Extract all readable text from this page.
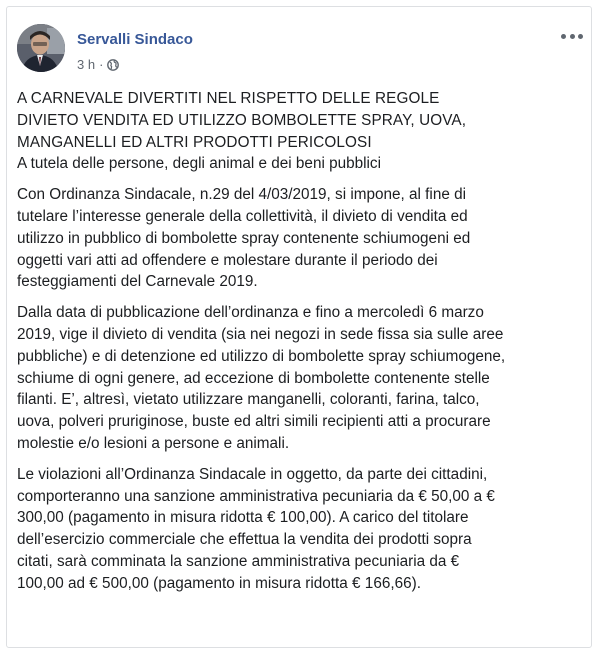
Servalli Sindaco
3 h ·

A CARNEVALE DIVERTITI NEL RISPETTO DELLE REGOLE
DIVIETO VENDITA ED UTILIZZO BOMBOLETTE SPRAY, UOVA,
MANGANELLI ED ALTRI PRODOTTI PERICOLOSI

A tutela delle persone, degli animal e dei beni pubblici

Con Ordinanza Sindacale, n.29 del 4/03/2019, si impone, al fine di
tutelare l’interesse generale della collettività, il divieto di vendita ed
utilizzo in pubblico di bombolette spray contenente schiumogeni ed
oggetti vari atti ad offendere e molestare durante il periodo dei
festeggiamenti del Carnevale 2019.

Dalla data di pubblicazione dell’ordinanza e fino a mercoledì 6 marzo
2019, vige il divieto di vendita (sia nei negozi in sede fissa sia sulle aree
pubbliche) e di detenzione ed utilizzo di bombolette spray schiumogene,
schiume di ogni genere, ad eccezione di bombolette contenente stelle
filanti. E’, altresì, vietato utilizzare manganelli, coloranti, farina, talco,
uova, polveri pruriginose, buste ed altri simili recipienti atti a procurare
molestie e/o lesioni a persone e animali.

Le violazioni all’Ordinanza Sindacale in oggetto, da parte dei cittadini,
comporteranno una sanzione amministrativa pecuniaria da € 50,00 a €
300,00 (pagamento in misura ridotta € 100,00). A carico del titolare
dell’esercizio commerciale che effettua la vendita dei prodotti sopra
citati, sarà comminata la sanzione amministrativa pecuniaria da €
100,00 ad € 500,00 (pagamento in misura ridotta € 166,66).
